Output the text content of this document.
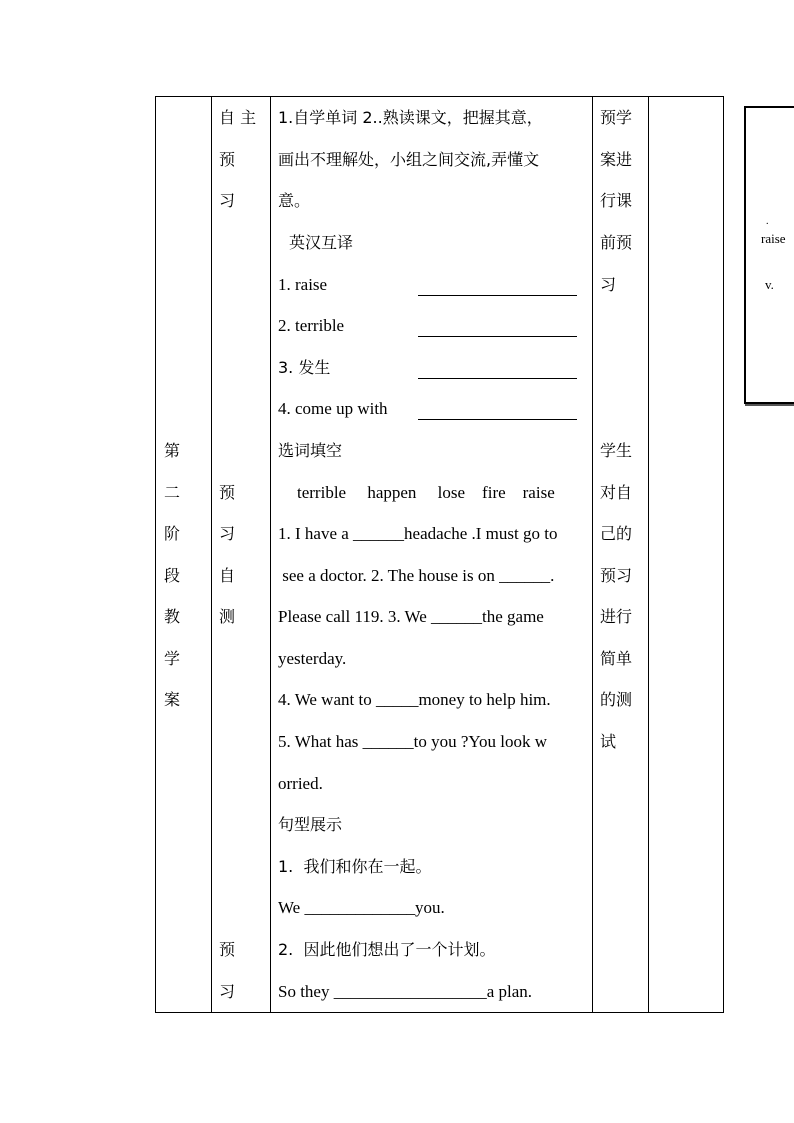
第
二
阶
段
教
学
案
自 主
预
习
预
习
自
测
预
习
1.自学单词 2..熟读课文，把握其意，
画出不理解处，小组之间交流,弄懂文
意。
英汉互译
1. raise
2. terrible
3. 发生
4. come up with
选词填空
terrible     happen     lose    fire    raise
1. I have a ______headache .I must go to
see a doctor. 2. The house is on ______.
Please call 119. 3. We ______the game
yesterday.
4. We want to _____money to help him.
5. What has ______to you ?You look w
orried.
句型展示
1.  我们和你在一起。
We _____________you.
2.  因此他们想出了一个计划。
So they __________________a plan.
预学
案进
行课
前预
习
学生
对自
己的
预习
进行
简单
的测
试
.
raise
v.
